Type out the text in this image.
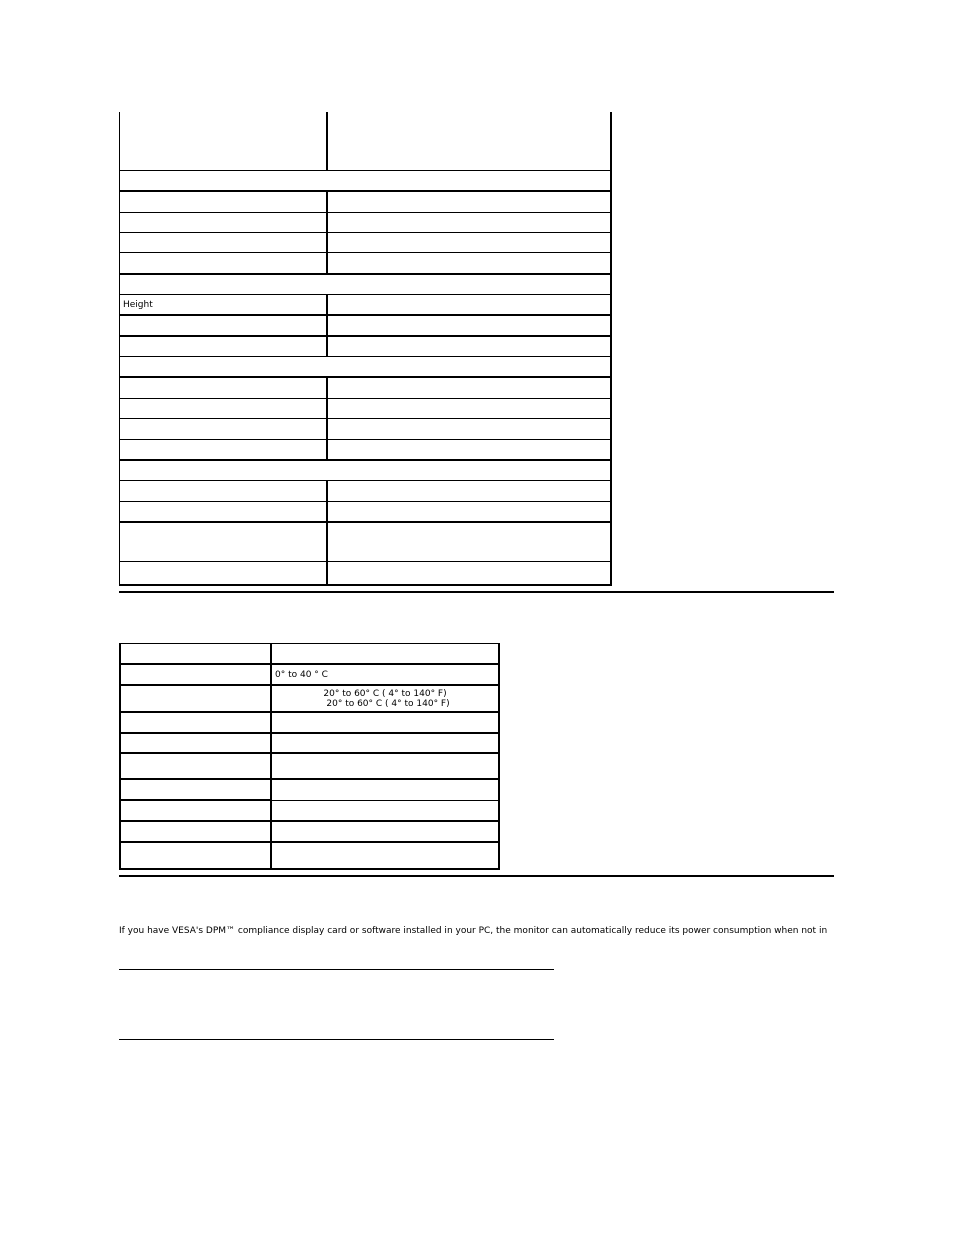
Height
0° to 40 ° C
20° to 60° C ( 4° to 140° F)
20° to 60° C ( 4° to 140° F)
If you have VESA's DPM™ compliance display card or software installed in your PC, the monitor can automatically reduce its power consumption when not in
